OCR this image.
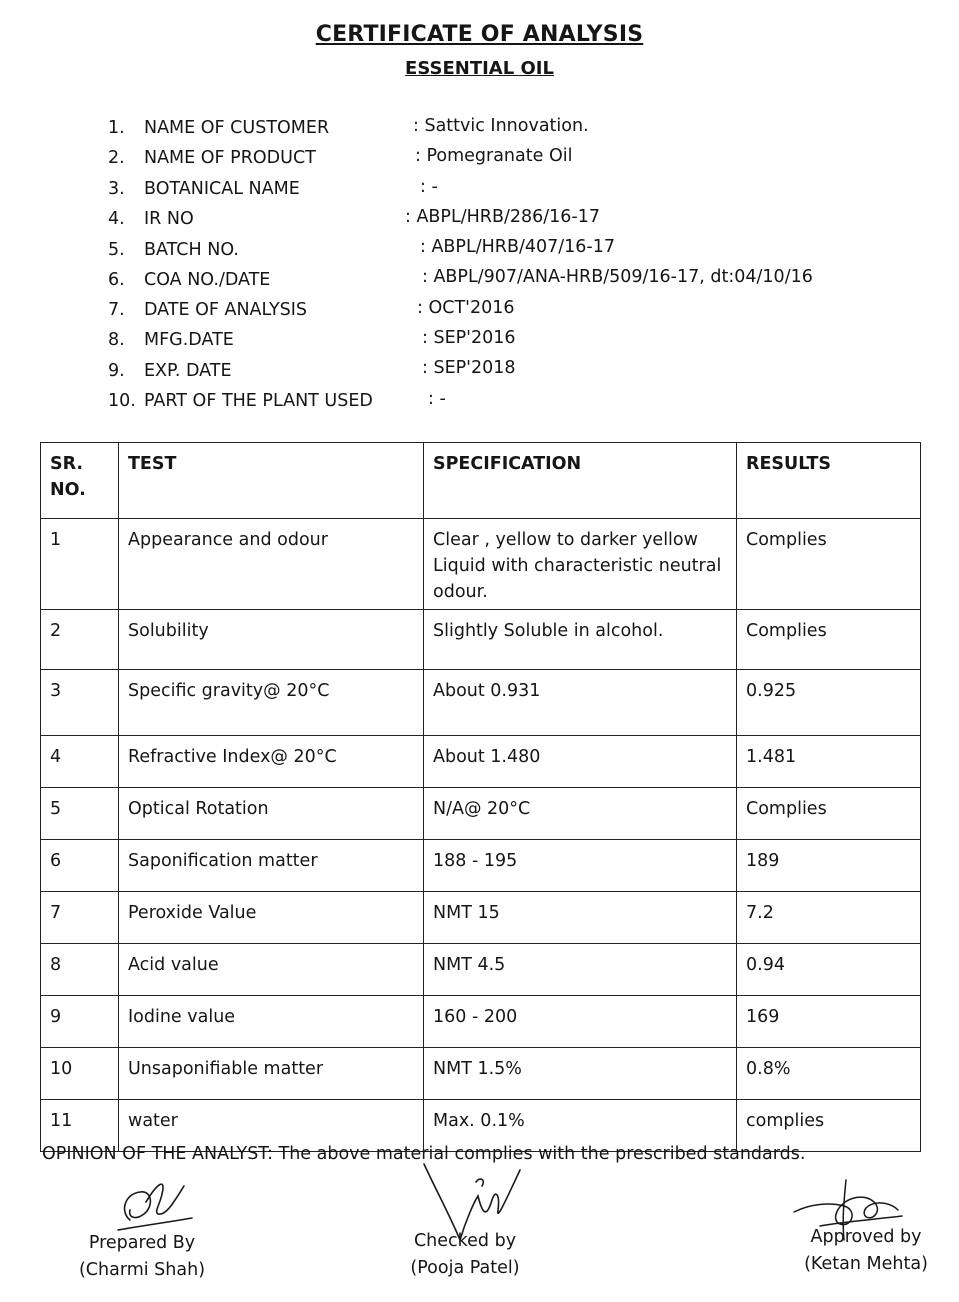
CERTIFICATE OF ANALYSIS
ESSENTIAL OIL
1. NAME OF CUSTOMER	: Sattvic Innovation.
2. NAME OF PRODUCT	: Pomegranate Oil
3. BOTANICAL NAME	: -
4. IR NO	: ABPL/HRB/286/16-17
5. BATCH NO.	: ABPL/HRB/407/16-17
6. COA NO./DATE	: ABPL/907/ANA-HRB/509/16-17, dt:04/10/16
7. DATE OF ANALYSIS	: OCT'2016
8. MFG.DATE	: SEP'2016
9. EXP. DATE	: SEP'2018
10. PART OF THE PLANT USED	: -
SR. NO.	TEST	SPECIFICATION	RESULTS
1	Appearance and odour	Clear , yellow to darker yellow Liquid with characteristic neutral odour.	Complies
2	Solubility	Slightly Soluble in alcohol.	Complies
3	Specific gravity@ 20°C	About 0.931	0.925
4	Refractive Index@ 20°C	About 1.480	1.481
5	Optical Rotation	N/A@ 20°C	Complies
6	Saponification matter	188 - 195	189
7	Peroxide Value	NMT 15	7.2
8	Acid value	NMT 4.5	0.94
9	Iodine value	160 - 200	169
10	Unsaponifiable matter	NMT 1.5%	0.8%
11	water	Max. 0.1%	complies
OPINION OF THE ANALYST: The above material complies with the prescribed standards.
Prepared By
(Charmi Shah)
Checked by
(Pooja Patel)
Approved by
(Ketan Mehta)
